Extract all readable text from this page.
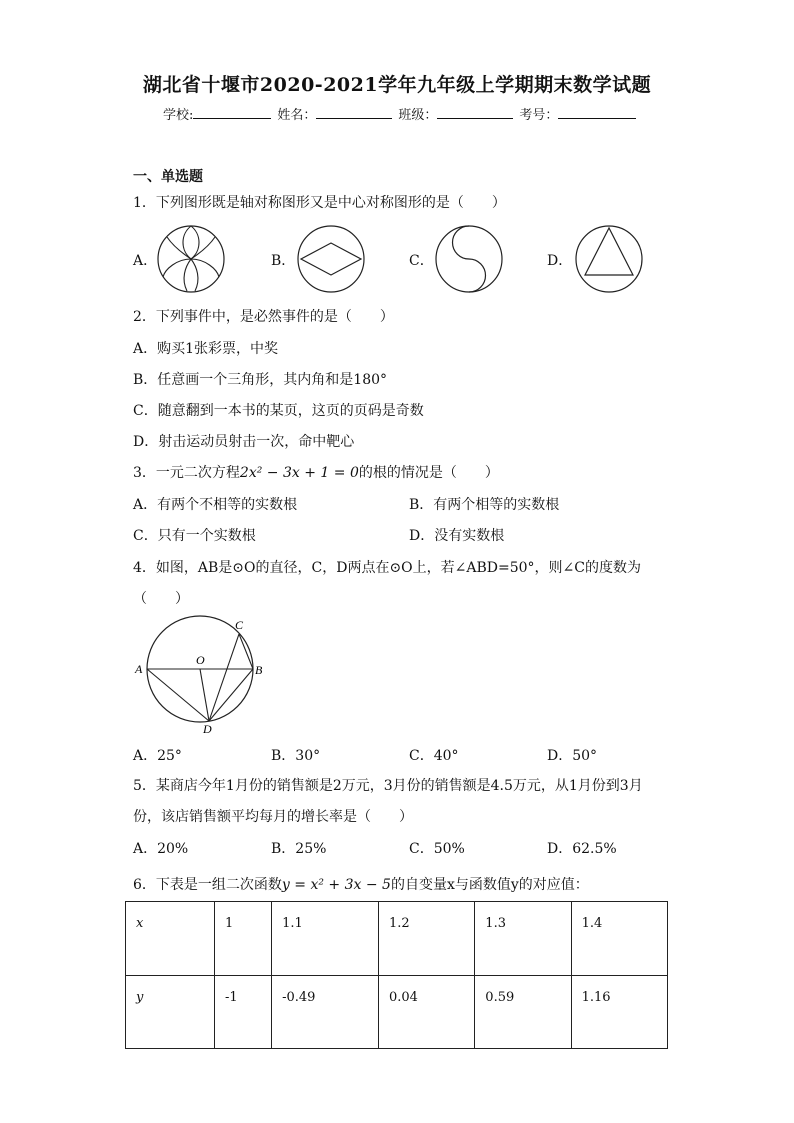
湖北省十堰市2020-2021学年九年级上学期期末数学试题
学校:	姓名：	班级：	考号：
一、单选题
1．下列图形既是轴对称图形又是中心对称图形的是（　　）
A．	B．	C．	D．
2．下列事件中，是必然事件的是（　　）
A．购买1张彩票，中奖
B．任意画一个三角形，其内角和是180°
C．随意翻到一本书的某页，这页的页码是奇数
D．射击运动员射击一次，命中靶心
3．一元二次方程2x² − 3x + 1 = 0的根的情况是（　　）
A．有两个不相等的实数根	B．有两个相等的实数根
C．只有一个实数根	D．没有实数根
4．如图，AB是⊙O的直径，C，D两点在⊙O上，若∠ABD=50°，则∠C的度数为
（　　）
A	B
C
D
O
A．25°	B．30°	C．40°	D．50°
5．某商店今年1月份的销售额是2万元，3月份的销售额是4.5万元，从1月份到3月
份，该店销售额平均每月的增长率是（　　）
A．20%	B．25%	C．50%	D．62.5%
6．下表是一组二次函数y = x² + 3x − 5的自变量x与函数值y的对应值：
x	1	1.1	1.2	1.3	1.4
y	-1	-0.49	0.04	0.59	1.16
